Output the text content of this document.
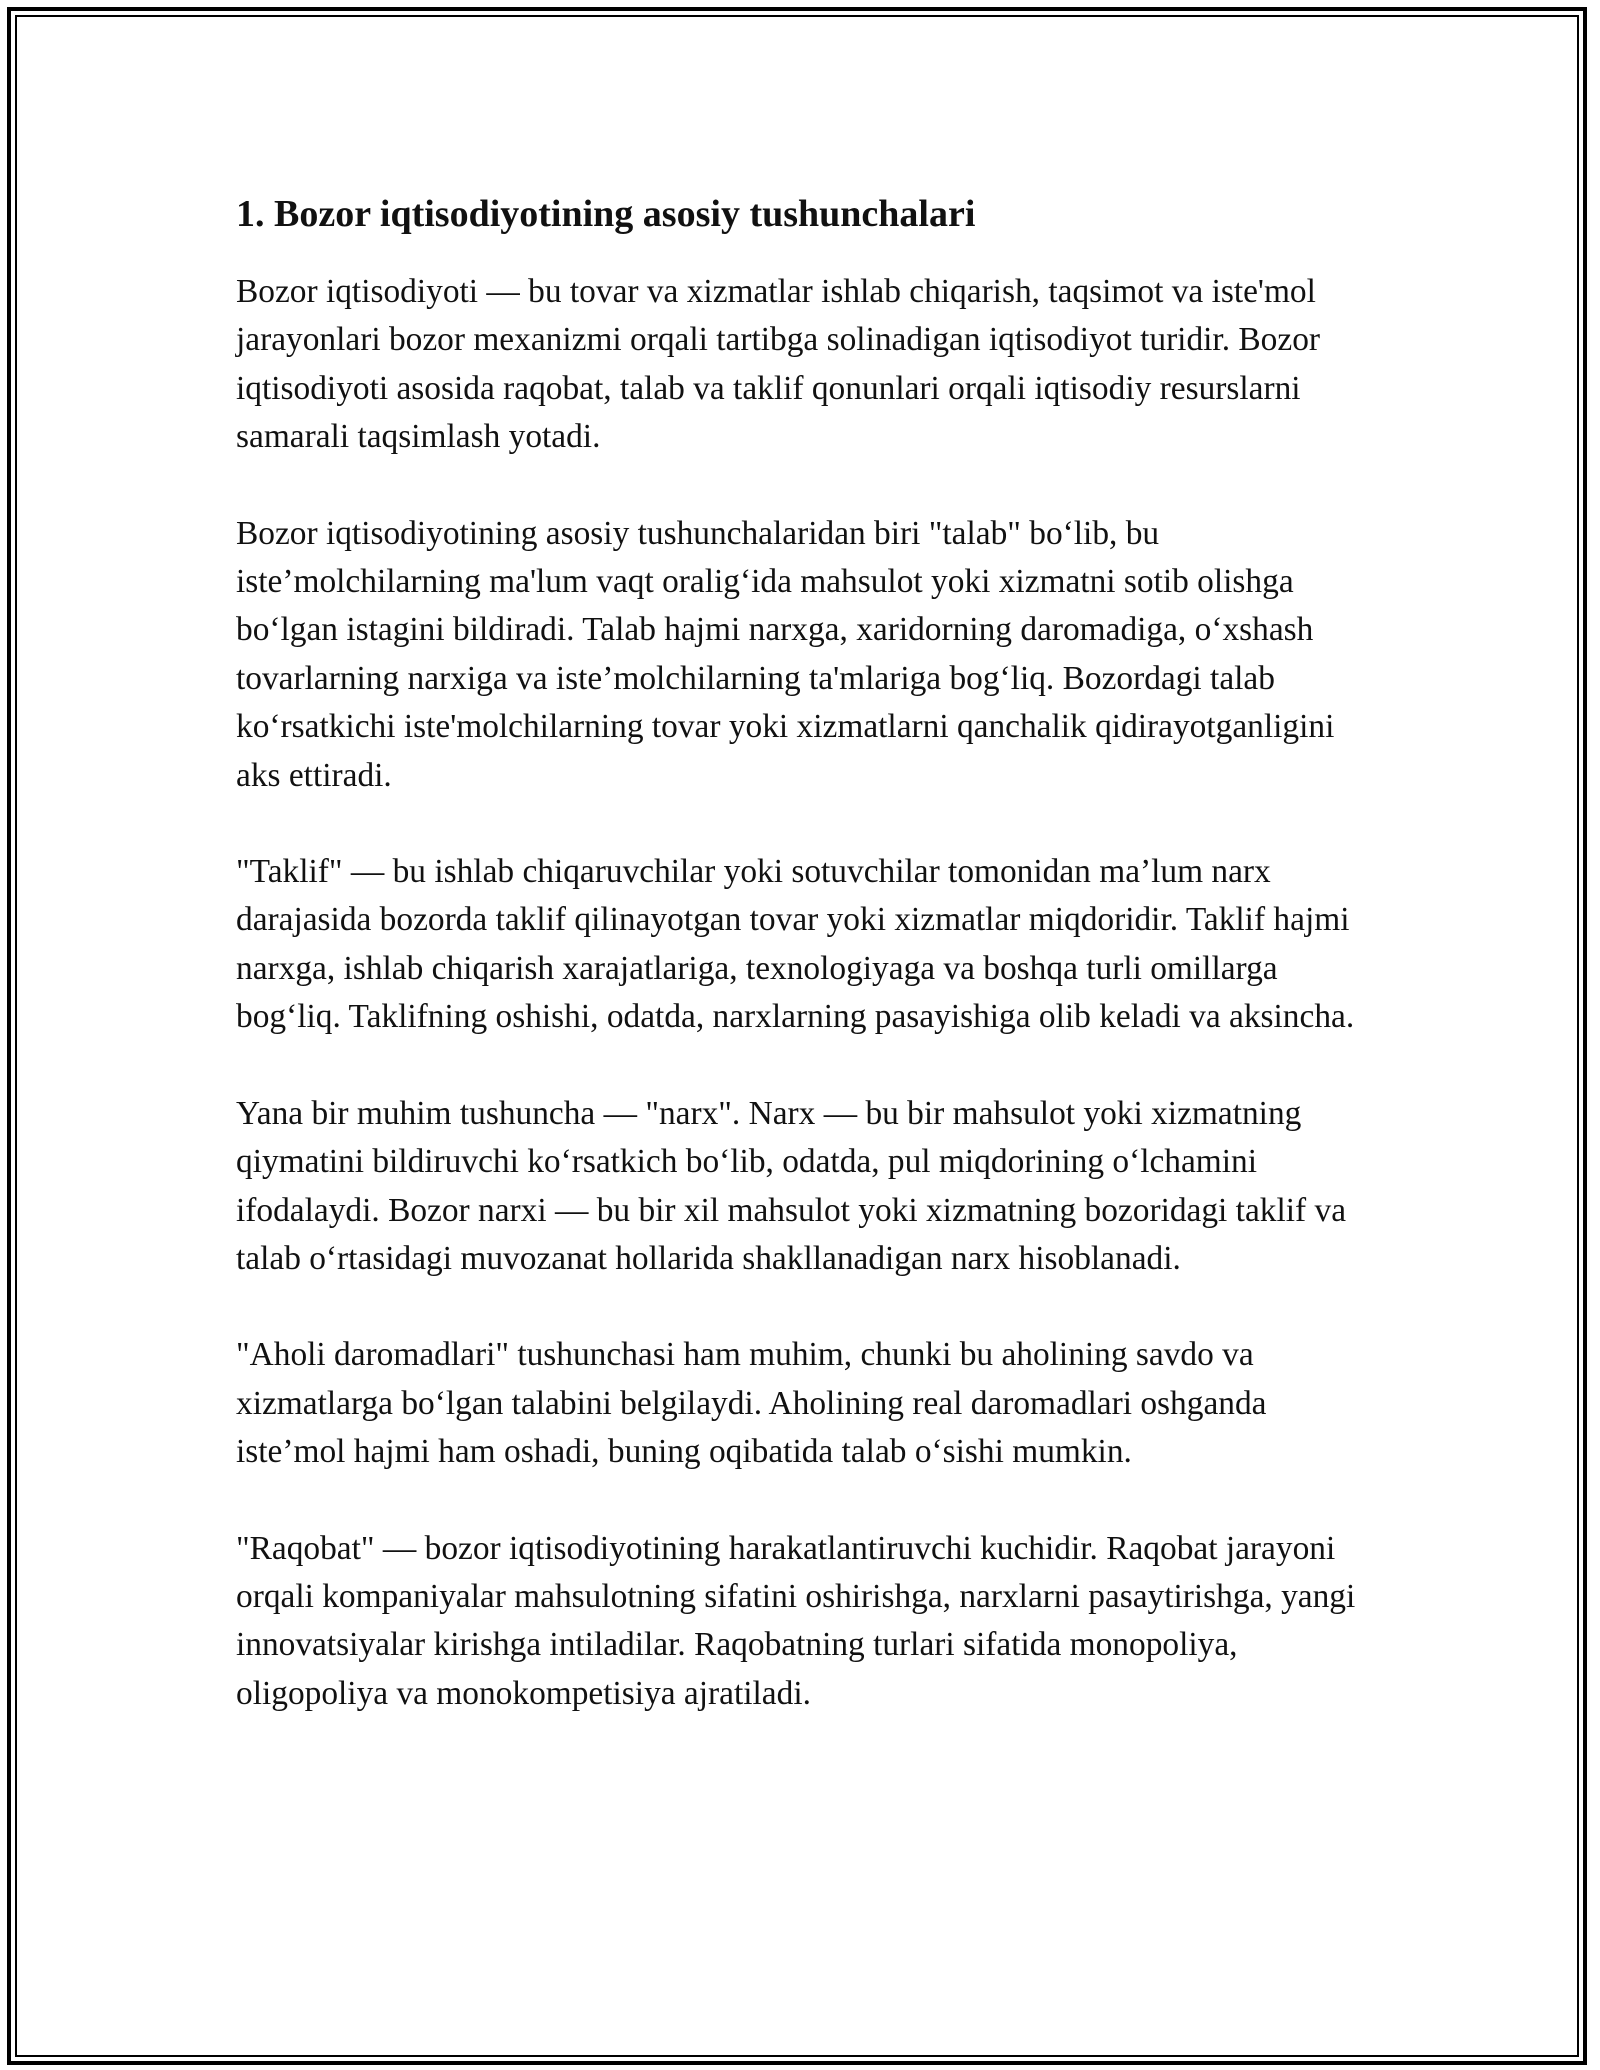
1. Bozor iqtisodiyotining asosiy tushunchalari

Bozor iqtisodiyoti — bu tovar va xizmatlar ishlab chiqarish, taqsimot va iste'mol jarayonlari bozor mexanizmi orqali tartibga solinadigan iqtisodiyot turidir. Bozor iqtisodiyoti asosida raqobat, talab va taklif qonunlari orqali iqtisodiy resurslarni samarali taqsimlash yotadi.

Bozor iqtisodiyotining asosiy tushunchalaridan biri "talab" bo‘lib, bu iste’molchilarning ma'lum vaqt oralig‘ida mahsulot yoki xizmatni sotib olishga bo‘lgan istagini bildiradi. Talab hajmi narxga, xaridorning daromadiga, o‘xshash tovarlarning narxiga va iste’molchilarning ta'mlariga bog‘liq. Bozordagi talab ko‘rsatkichi iste'molchilarning tovar yoki xizmatlarni qanchalik qidirayotganligini aks ettiradi.

"Taklif" — bu ishlab chiqaruvchilar yoki sotuvchilar tomonidan ma’lum narx darajasida bozorda taklif qilinayotgan tovar yoki xizmatlar miqdoridir. Taklif hajmi narxga, ishlab chiqarish xarajatlariga, texnologiyaga va boshqa turli omillarga bog‘liq. Taklifning oshishi, odatda, narxlarning pasayishiga olib keladi va aksincha.

Yana bir muhim tushuncha — "narx". Narx — bu bir mahsulot yoki xizmatning qiymatini bildiruvchi ko‘rsatkich bo‘lib, odatda, pul miqdorining o‘lchamini ifodalaydi. Bozor narxi — bu bir xil mahsulot yoki xizmatning bozoridagi taklif va talab o‘rtasidagi muvozanat hollarida shakllanadigan narx hisoblanadi.

"Aholi daromadlari" tushunchasi ham muhim, chunki bu aholining savdo va xizmatlarga bo‘lgan talabini belgilaydi. Aholining real daromadlari oshganda iste’mol hajmi ham oshadi, buning oqibatida talab o‘sishi mumkin.

"Raqobat" — bozor iqtisodiyotining harakatlantiruvchi kuchidir. Raqobat jarayoni orqali kompaniyalar mahsulotning sifatini oshirishga, narxlarni pasaytirishga, yangi innovatsiyalar kirishga intiladilar. Raqobatning turlari sifatida monopoliya, oligopoliya va monokompetisiya ajratiladi.
